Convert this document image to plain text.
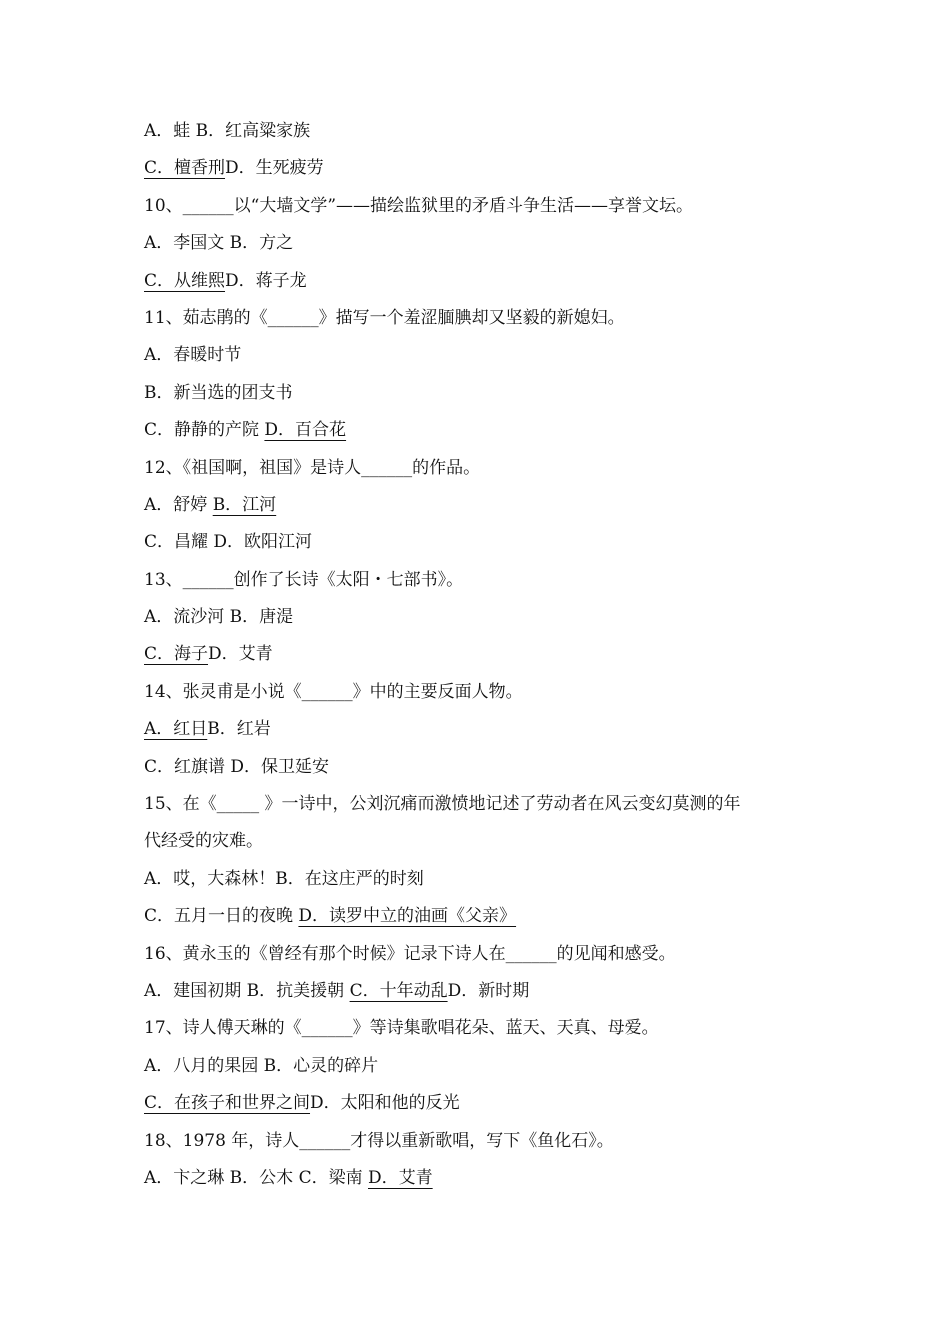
A．蛙 B．红高粱家族
C．檀香刑D．生死疲劳
10、______以“大墙文学”——描绘监狱里的矛盾斗争生活——享誉文坛。
A．李国文 B．方之
C．从维熙D．蒋子龙
11、茹志鹃的《______》描写一个羞涩腼腆却又坚毅的新媳妇。
A．春暖时节
B．新当选的团支书
C．静静的产院 D．百合花
12、《祖国啊，祖国》是诗人______的作品。
A．舒婷 B．江河
C．昌耀 D．欧阳江河
13、______创作了长诗《太阳・七部书》。
A．流沙河 B．唐湜
C．海子D．艾青
14、张灵甫是小说《______》中的主要反面人物。
A．红日B．红岩
C．红旗谱 D．保卫延安
15、在《_____ 》一诗中，公刘沉痛而激愤地记述了劳动者在风云变幻莫测的年
代经受的灾难。
A．哎，大森林！B．在这庄严的时刻
C．五月一日的夜晚 D．读罗中立的油画《父亲》
16、黄永玉的《曾经有那个时候》记录下诗人在______的见闻和感受。
A．建国初期 B．抗美援朝 C．十年动乱D．新时期
17、诗人傅天琳的《______》等诗集歌唱花朵、蓝天、天真、母爱。
A．八月的果园 B．心灵的碎片
C．在孩子和世界之间D．太阳和他的反光
18、1978 年，诗人______才得以重新歌唱，写下《鱼化石》。
A．卞之琳 B．公木 C．梁南 D．艾青
